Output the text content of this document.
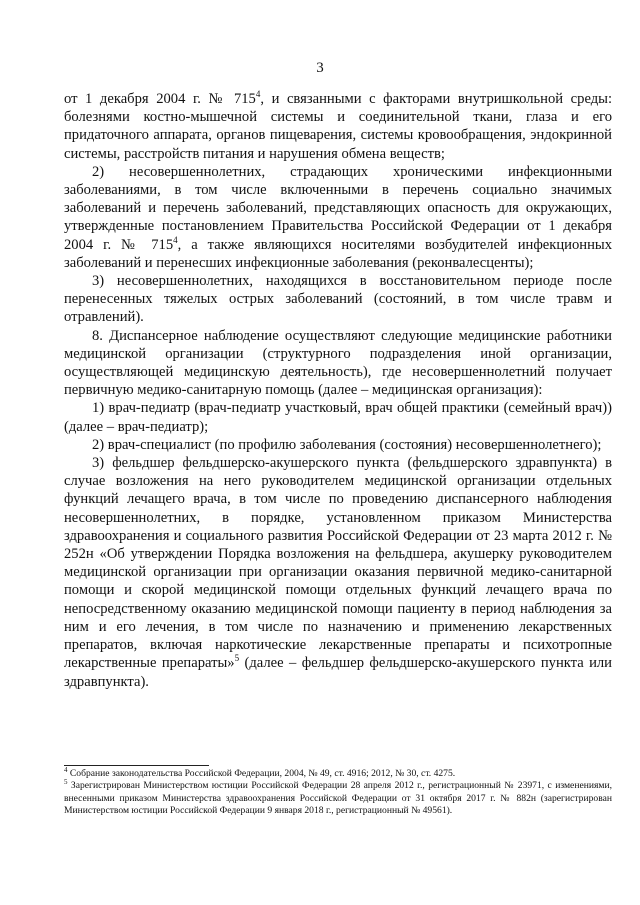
3

от 1 декабря 2004 г. № $715^4$, и связанными с факторами внутришкольной среды: болезнями костно-мышечной системы и соединительной ткани, глаза и его придаточного аппарата, органов пищеварения, системы кровообращения, эндокринной системы, расстройств питания и нарушения обмена веществ;

2) несовершеннолетних, страдающих хроническими инфекционными заболеваниями, в том числе включенными в перечень социально значимых заболеваний и перечень заболеваний, представляющих опасность для окружающих, утвержденные постановлением Правительства Российской Федерации от 1 декабря 2004 г. № $715^4$, а также являющихся носителями возбудителей инфекционных заболеваний и перенесших инфекционные заболевания (реконвалесценты);

3) несовершеннолетних, находящихся в восстановительном периоде после перенесенных тяжелых острых заболеваний (состояний, в том числе травм и отравлений).

8. Диспансерное наблюдение осуществляют следующие медицинские работники медицинской организации (структурного подразделения иной организации, осуществляющей медицинскую деятельность), где несовершеннолетний получает первичную медико-санитарную помощь (далее – медицинская организация):

1) врач-педиатр (врач-педиатр участковый, врач общей практики (семейный врач)) (далее – врач-педиатр);

2) врач-специалист (по профилю заболевания (состояния) несовершеннолетнего);

3) фельдшер фельдшерско-акушерского пункта (фельдшерского здравпункта) в случае возложения на него руководителем медицинской организации отдельных функций лечащего врача, в том числе по проведению диспансерного наблюдения несовершеннолетних, в порядке, установленном приказом Министерства здравоохранения и социального развития Российской Федерации от 23 марта 2012 г. № 252н «Об утверждении Порядка возложения на фельдшера, акушерку руководителем медицинской организации при организации оказания первичной медико-санитарной помощи и скорой медицинской помощи отдельных функций лечащего врача по непосредственному оказанию медицинской помощи пациенту в период наблюдения за ним и его лечения, в том числе по назначению и применению лекарственных препаратов, включая наркотические лекарственные препараты и психотропные лекарственные препараты»$^5$ (далее – фельдшер фельдшерско-акушерского пункта или здравпункта).

$^4$ Собрание законодательства Российской Федерации, 2004, № 49, ст. 4916; 2012, № 30, ст. 4275.

$^5$ Зарегистрирован Министерством юстиции Российской Федерации 28 апреля 2012 г., регистрационный № 23971, с изменениями, внесенными приказом Министерства здравоохранения Российской Федерации от 31 октября 2017 г. № 882н (зарегистрирован Министерством юстиции Российской Федерации 9 января 2018 г., регистрационный № 49561).
